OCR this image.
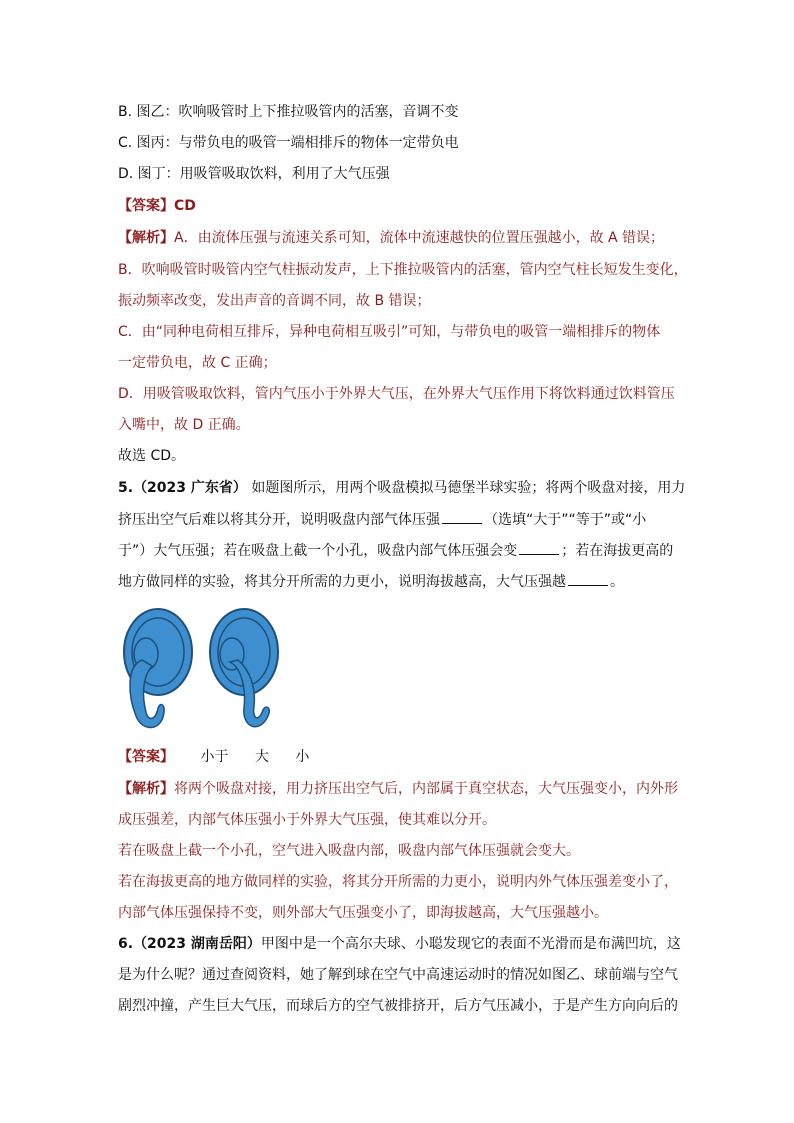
B. 图乙：吹响吸管时上下推拉吸管内的活塞，音调不变
C. 图丙：与带负电的吸管一端相排斥的物体一定带负电
D. 图丁：用吸管吸取饮料，利用了大气压强
【答案】CD
【解析】A．由流体压强与流速关系可知，流体中流速越快的位置压强越小，故 A 错误；
B．吹响吸管时吸管内空气柱振动发声，上下推拉吸管内的活塞，管内空气柱长短发生变化，
振动频率改变，发出声音的音调不同，故 B 错误；
C．由“同种电荷相互排斥，异种电荷相互吸引”可知，与带负电的吸管一端相排斥的物体
一定带负电，故 C 正确；
D．用吸管吸取饮料，管内气压小于外界大气压，在外界大气压作用下将饮料通过饮料管压
入嘴中，故 D 正确。
故选 CD。
5.（2023 广东省） 如题图所示，用两个吸盘模拟马德堡半球实验；将两个吸盘对接，用力
挤压出空气后难以将其分开，说明吸盘内部气体压强	（选填“大于”“等于”或“小
于”）大气压强；若在吸盘上截一个小孔，吸盘内部气体压强会变	；若在海拔更高的
地方做同样的实验，将其分开所需的力更小，说明海拔越高，大气压强越	。
【答案】 小于 大 小
【解析】将两个吸盘对接，用力挤压出空气后，内部属于真空状态，大气压强变小，内外形
成压强差，内部气体压强小于外界大气压强，使其难以分开。
若在吸盘上截一个小孔，空气进入吸盘内部，吸盘内部气体压强就会变大。
若在海拔更高的地方做同样的实验，将其分开所需的力更小，说明内外气体压强差变小了，
内部气体压强保持不变，则外部大气压强变小了，即海拔越高，大气压强越小。
6.（2023 湖南岳阳）甲图中是一个高尔夫球、小聪发现它的表面不光滑而是布满凹坑，这
是为什么呢？通过查阅资料，她了解到球在空气中高速运动时的情况如图乙、球前端与空气
剧烈冲撞，产生巨大气压，而球后方的空气被排挤开，后方气压减小，于是产生方向向后的
